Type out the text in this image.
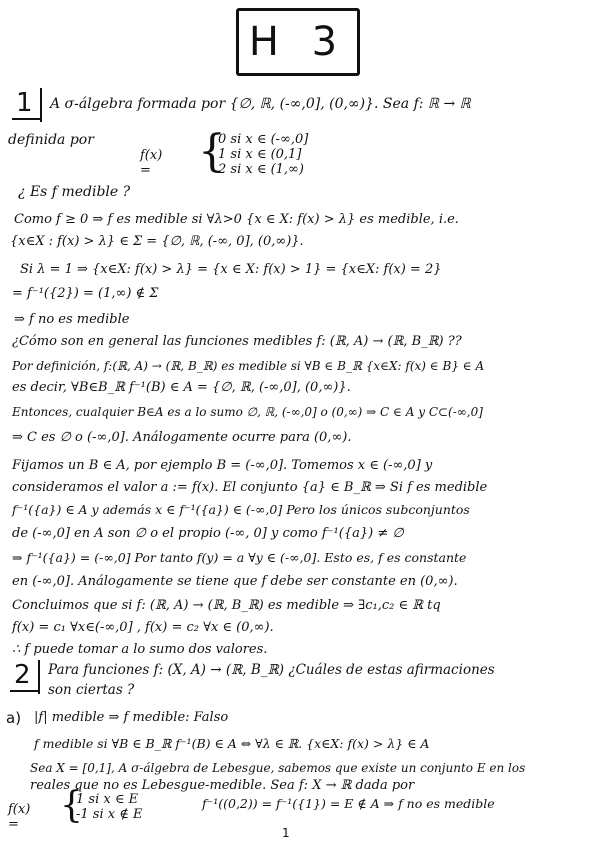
H 3
1 A σ-álgebra formada por {∅, ℝ, (-∞,0], (0,∞)}. Sea f: ℝ → ℝ
definida por
f(x) = {
0 si x ∈ (-∞,0]
1 si x ∈ (0,1]
2 si x ∈ (1,∞)
¿ Es f medible ?
Como f ≥ 0 ⇒ f es medible si ∀λ>0 {x ∈ X: f(x) > λ} es medible, i.e.
{x∈X : f(x) > λ} ∈ Σ = {∅, ℝ, (-∞, 0], (0,∞)}.
Si λ = 1 ⇒ {x∈X: f(x) > λ} = {x ∈ X: f(x) > 1} = {x∈X: f(x) = 2}
= f⁻¹({2}) = (1,∞) ∉ Σ
⇒ f no es medible
¿Cómo son en general las funciones medibles f: (ℝ, A) → (ℝ, B_ℝ) ??
Por definición, f:(ℝ, A) → (ℝ, B_ℝ) es medible si ∀B ∈ B_ℝ {x∈X: f(x) ∈ B} ∈ A
es decir, ∀B∈B_ℝ f⁻¹(B) ∈ A = {∅, ℝ, (-∞,0], (0,∞)}.
Entonces, cualquier B∈A es a lo sumo ∅, ℝ, (-∞,0] o (0,∞) ⇒ C ∈ A y C⊂(-∞,0]
⇒ C es ∅ o (-∞,0]. Análogamente ocurre para (0,∞).
Fijamos un B ∈ A, por ejemplo B = (-∞,0]. Tomemos x ∈ (-∞,0] y
consideramos el valor a := f(x). El conjunto {a} ∈ B_ℝ ⇒ Si f es medible
f⁻¹({a}) ∈ A y además x ∈ f⁻¹({a}) ∈ (-∞,0] Pero los únicos subconjuntos
de (-∞,0] en A son ∅ o el propio (-∞, 0] y como f⁻¹({a}) ≠ ∅
⇒ f⁻¹({a}) = (-∞,0] Por tanto f(y) = a ∀y ∈ (-∞,0]. Esto es, f es constante
en (-∞,0]. Análogamente se tiene que f debe ser constante en (0,∞).
Concluimos que si f: (ℝ, A) → (ℝ, B_ℝ) es medible ⇒ ∃c₁,c₂ ∈ ℝ tq
f(x) = c₁ ∀x∈(-∞,0] , f(x) = c₂ ∀x ∈ (0,∞).
∴ f puede tomar a lo sumo dos valores.
2 Para funciones f: (X, A) → (ℝ, B_ℝ) ¿Cuáles de estas afirmaciones
son ciertas ?
a) |f| medible ⇒ f medible: Falso
f medible si ∀B ∈ B_ℝ f⁻¹(B) ∈ A ⇔ ∀λ ∈ ℝ. {x∈X: f(x) > λ} ∈ A
Sea X = [0,1], A σ-álgebra de Lebesgue, sabemos que existe un conjunto E en los
reales que no es Lebesgue-medible. Sea f: X → ℝ dada por
f(x) =	{
1 si x ∈ E
-1 si x ∉ E
f⁻¹((0,2)) = f⁻¹({1}) = E ∉ A ⇒ f no es medible
1
